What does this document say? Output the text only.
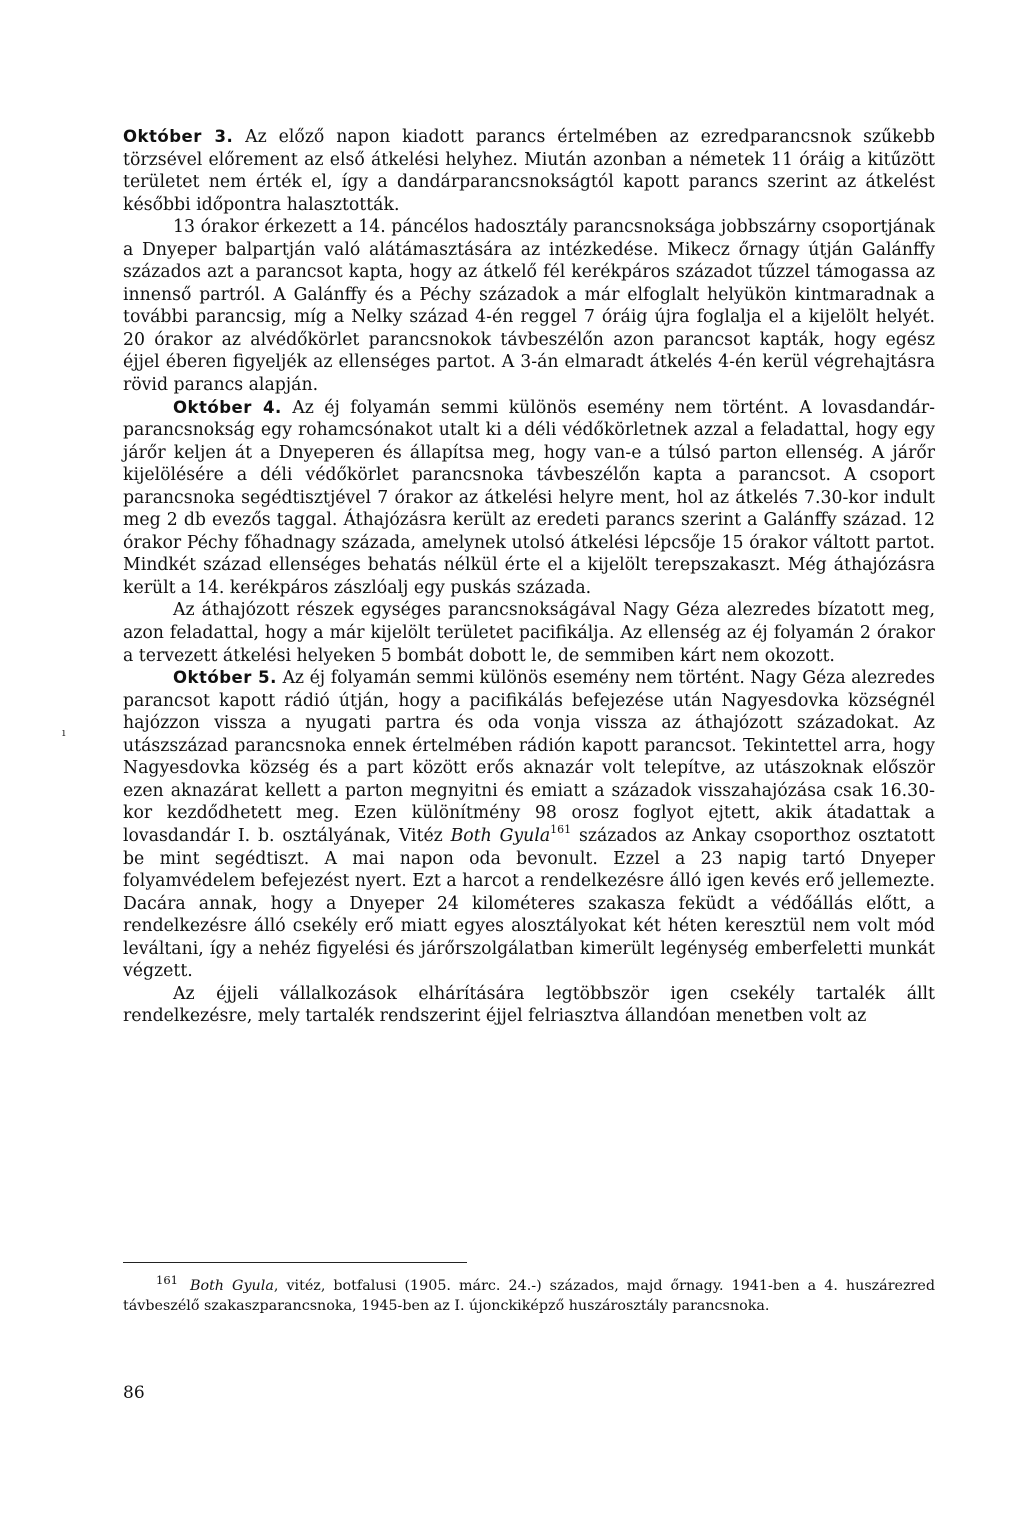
Október 3. Az előző napon kiadott parancs értelmében az ezredparancsnok szűkebb törzsével előrement az első átkelési helyhez. Miután azonban a németek 11 óráig a kitűzött területet nem érték el, így a dandárparancsnokságtól kapott parancs szerint az átkelést későbbi időpontra halasztották.

13 órakor érkezett a 14. páncélos hadosztály parancsnoksága jobbszárny csoportjának a Dnyeper balpartján való alátámasztására az intézkedése. Mikecz őrnagy útján Galánffy százados azt a parancsot kapta, hogy az átkelő fél kerékpáros századot tűzzel támogassa az innenső partról. A Galánffy és a Péchy századok a már elfoglalt helyükön kintmaradnak a további parancsig, míg a Nelky század 4-én reggel 7 óráig újra foglalja el a kijelölt helyét. 20 órakor az alvédőkörlet parancsnokok távbeszélőn azon parancsot kapták, hogy egész éjjel éberen figyeljék az ellenséges partot. A 3-án elmaradt átkelés 4-én kerül végrehajtásra rövid parancs alapján.

Október 4. Az éj folyamán semmi különös esemény nem történt. A lovasdandár-parancsnokság egy rohamcsónakot utalt ki a déli védőkörletnek azzal a feladattal, hogy egy járőr keljen át a Dnyeperen és állapítsa meg, hogy van-e a túlsó parton ellenség. A járőr kijelölésére a déli védőkörlet parancsnoka távbeszélőn kapta a parancsot. A csoport parancsnoka segédtisztjével 7 órakor az átkelési helyre ment, hol az átkelés 7.30-kor indult meg 2 db evezős taggal. Áthajózásra került az eredeti parancs szerint a Galánffy század. 12 órakor Péchy főhadnagy százada, amelynek utolsó átkelési lépcsője 15 órakor váltott partot. Mindkét század ellenséges behatás nélkül érte el a kijelölt terepszakaszt. Még áthajózásra került a 14. kerékpáros zászlóalj egy puskás százada.

Az áthajózott részek egységes parancsnokságával Nagy Géza alezredes bízatott meg, azon feladattal, hogy a már kijelölt területet pacifikálja. Az ellenség az éj folyamán 2 órakor a tervezett átkelési helyeken 5 bombát dobott le, de semmiben kárt nem okozott.

Október 5. Az éj folyamán semmi különös esemény nem történt. Nagy Géza alezredes parancsot kapott rádió útján, hogy a pacifikálás befejezése után Nagyesdovka községnél hajózzon vissza a nyugati partra és oda vonja vissza az áthajózott századokat. Az utászszázad parancsnoka ennek értelmében rádión kapott parancsot. Tekintettel arra, hogy Nagyesdovka község és a part között erős aknazár volt telepítve, az utászoknak először ezen aknazárat kellett a parton megnyitni és emiatt a századok visszahajózása csak 16.30-kor kezdődhetett meg. Ezen különítmény 98 orosz foglyot ejtett, akik átadattak a lovasdandár I. b. osztályának, Vitéz Both Gyula$^{161}$ százados az Ankay csoporthoz osztatott be mint segédtiszt. A mai napon oda bevonult. Ezzel a 23 napig tartó Dnyeper folyamvédelem befejezést nyert. Ezt a harcot a rendelkezésre álló igen kevés erő jellemezte. Dacára annak, hogy a Dnyeper 24 kilométeres szakasza feküdt a védőállás előtt, a rendelkezésre álló csekély erő miatt egyes alosztályokat két héten keresztül nem volt mód leváltani, így a nehéz figyelési és járőrszolgálatban kimerült legénység emberfeletti munkát végzett.

Az éjjeli vállalkozások elhárítására legtöbbször igen csekély tartalék állt rendelkezésre, mely tartalék rendszerint éjjel felriasztva állandóan menetben volt az

ı
$^{161}$ Both Gyula, vitéz, botfalusi (1905. márc. 24.-) százados, majd őrnagy. 1941-ben a 4. huszárezred távbeszélő szakaszparancsnoka, 1945-ben az I. újonckiképző huszárosztály parancsnoka.
86
